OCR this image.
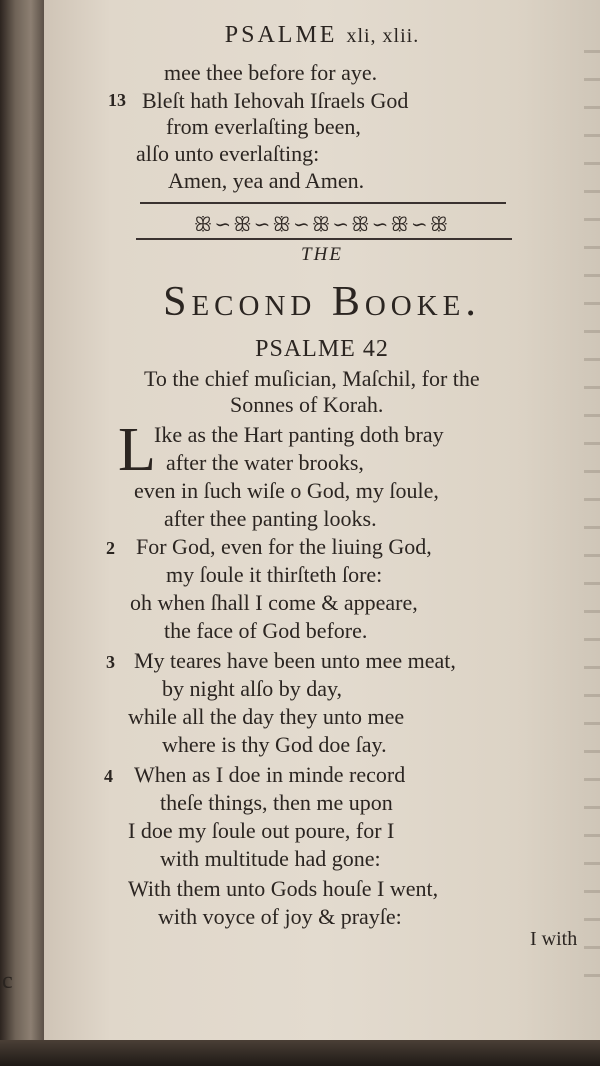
c
PSALME xli, xlii.
mee thee before for aye.
13 Bleſt hath Iehovah Iſraels God
from everlaſting been,
alſo unto everlaſting:
Amen, yea and Amen.
ꕥ∽ꕥ∽ꕥ∽ꕥ∽ꕥ∽ꕥ∽ꕥ
THE
Second Booke.
PSALME 42
To the chief muſician, Maſchil, for the
Sonnes of Korah.
L
Ike as the Hart panting doth bray
after the water brooks,
even in ſuch wiſe o God, my ſoule,
after thee panting looks.
2 For God, even for the liuing God,
my ſoule it thirſteth ſore:
oh when ſhall I come & appeare,
the face of God before.
3 My teares have been unto mee meat,
by night alſo by day,
while all the day they unto mee
where is thy God doe ſay.
4 When as I doe in minde record
theſe things, then me upon
I doe my ſoule out poure, for I
with multitude had gone:
With them unto Gods houſe I went,
with voyce of joy & prayſe:
I with
